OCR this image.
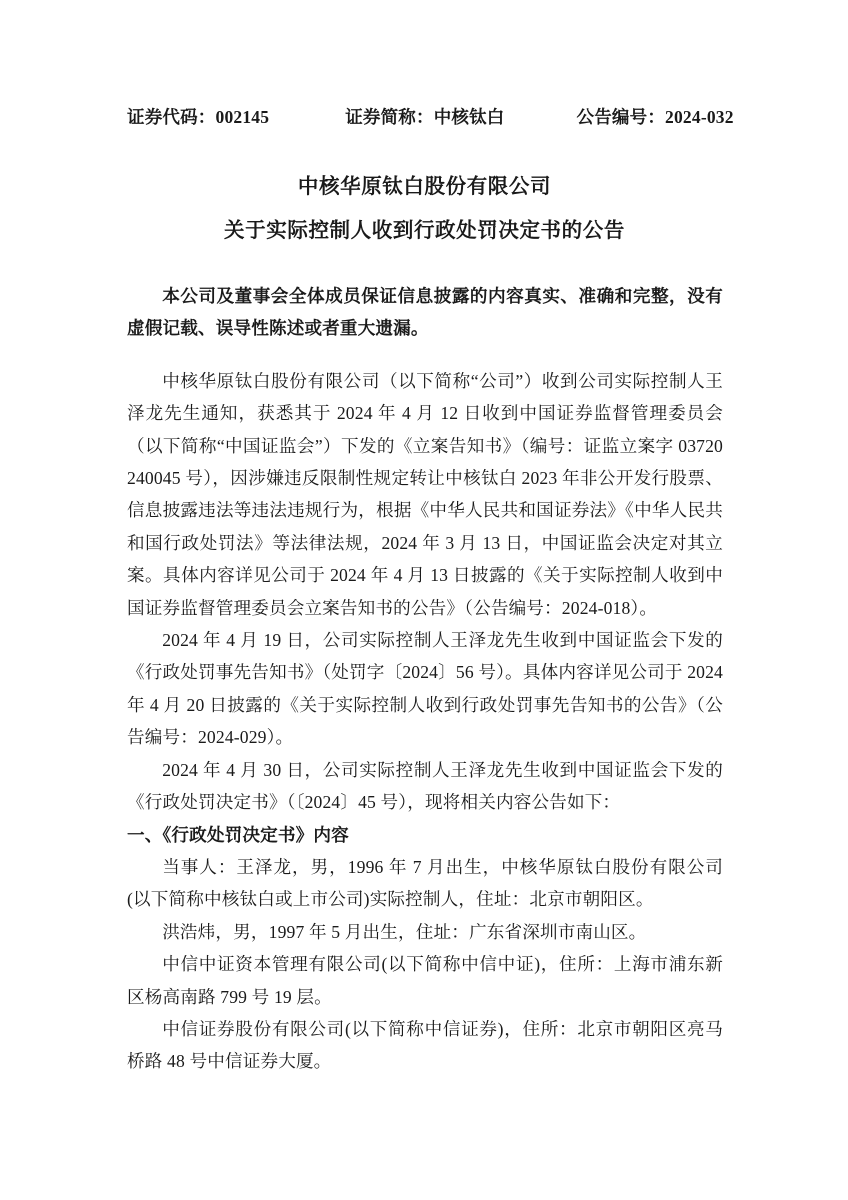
证券代码：002145	证券简称：中核钛白	公告编号：2024-032
中核华原钛白股份有限公司
关于实际控制人收到行政处罚决定书的公告

本公司及董事会全体成员保证信息披露的内容真实、准确和完整，没有虚假记载、误导性陈述或者重大遗漏。

中核华原钛白股份有限公司（以下简称“公司”）收到公司实际控制人王泽龙先生通知，获悉其于 2024 年 4 月 12 日收到中国证券监督管理委员会（以下简称“中国证监会”）下发的《立案告知书》（编号：证监立案字 03720240045 号），因涉嫌违反限制性规定转让中核钛白 2023 年非公开发行股票、信息披露违法等违法违规行为，根据《中华人民共和国证券法》《中华人民共和国行政处罚法》等法律法规，2024 年 3 月 13 日，中国证监会决定对其立案。具体内容详见公司于 2024 年 4 月 13 日披露的《关于实际控制人收到中国证券监督管理委员会立案告知书的公告》（公告编号：2024-018）。

2024 年 4 月 19 日，公司实际控制人王泽龙先生收到中国证监会下发的《行政处罚事先告知书》（处罚字〔2024〕56 号）。具体内容详见公司于 2024 年 4 月 20 日披露的《关于实际控制人收到行政处罚事先告知书的公告》（公告编号：2024-029）。

2024 年 4 月 30 日，公司实际控制人王泽龙先生收到中国证监会下发的《行政处罚决定书》（〔2024〕45 号），现将相关内容公告如下：

一、《行政处罚决定书》内容

当事人：王泽龙，男，1996 年 7 月出生，中核华原钛白股份有限公司(以下简称中核钛白或上市公司)实际控制人，住址：北京市朝阳区。

洪浩炜，男，1997 年 5 月出生，住址：广东省深圳市南山区。

中信中证资本管理有限公司(以下简称中信中证)，住所：上海市浦东新区杨高南路 799 号 19 层。

中信证券股份有限公司(以下简称中信证券)，住所：北京市朝阳区亮马桥路 48 号中信证券大厦。
